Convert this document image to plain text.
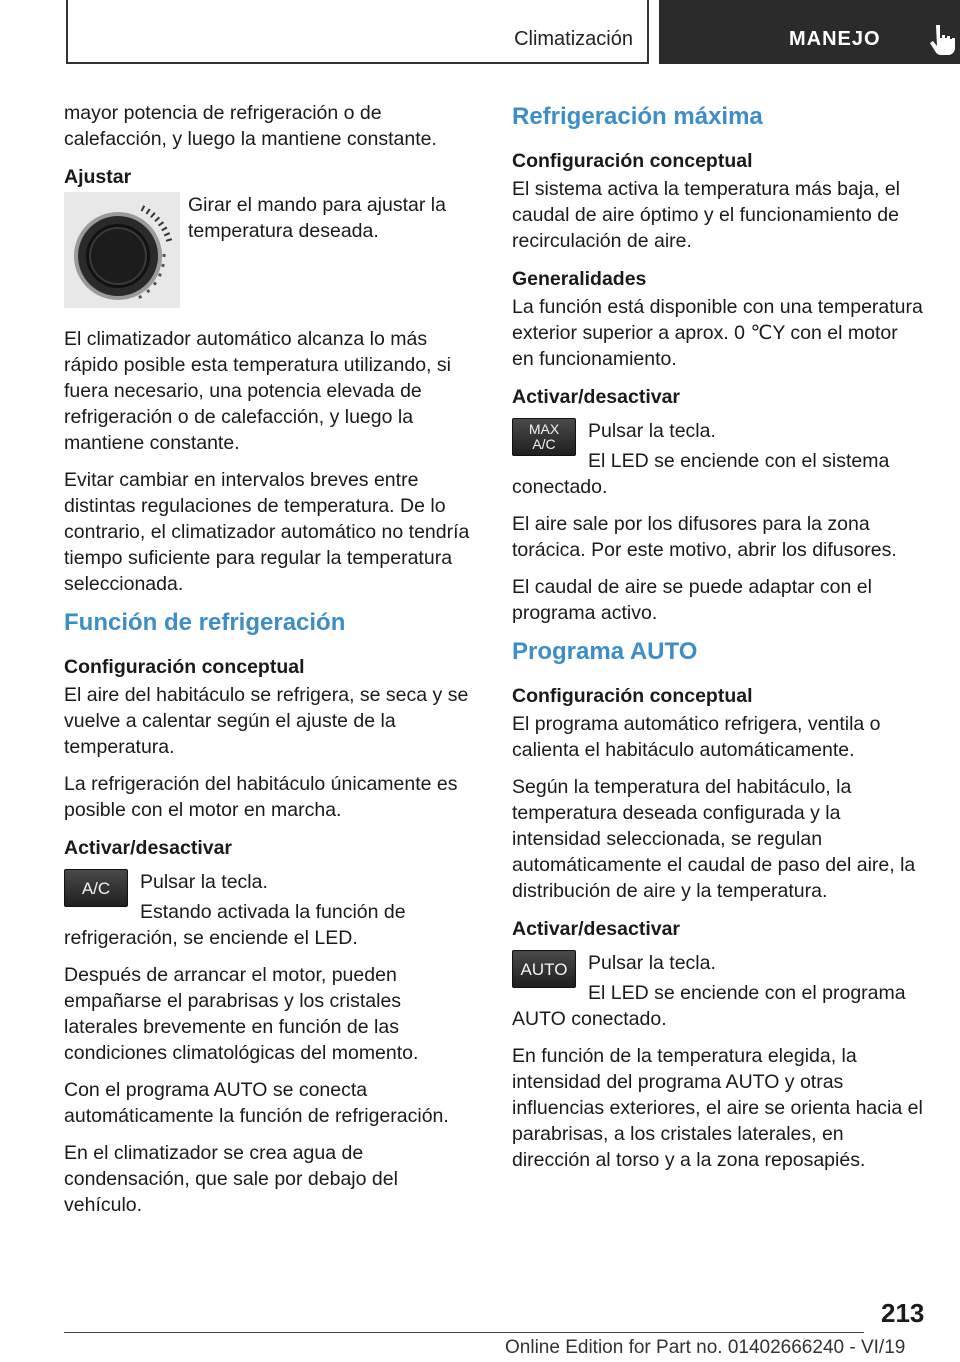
Climatización	MANEJO

mayor potencia de refrigeración o de calefacción, y luego la mantiene constante.

Ajustar

Girar el mando para ajustar la temperatura deseada.

El climatizador automático alcanza lo más rápido posible esta temperatura utilizando, si fuera necesario, una potencia elevada de refrigeración o de calefacción, y luego la mantiene constante.

Evitar cambiar en intervalos breves entre distintas regulaciones de temperatura. De lo contrario, el climatizador automático no tendría tiempo suficiente para regular la temperatura seleccionada.

Función de refrigeración
Configuración conceptual

El aire del habitáculo se refrigera, se seca y se vuelve a calentar según el ajuste de la temperatura.

La refrigeración del habitáculo únicamente es posible con el motor en marcha.

Activar/desactivar
A/C	Pulsar la tecla.

Estando activada la función de refrigeración, se enciende el LED.

Después de arrancar el motor, pueden empañarse el parabrisas y los cristales laterales brevemente en función de las condiciones climatológicas del momento.

Con el programa AUTO se conecta automáticamente la función de refrigeración.

En el climatizador se crea agua de condensación, que sale por debajo del vehículo.

Refrigeración máxima
Configuración conceptual

El sistema activa la temperatura más baja, el caudal de aire óptimo y el funcionamiento de recirculación de aire.

Generalidades

La función está disponible con una temperatura exterior superior a aprox. 0 ℃Y con el motor en funcionamiento.

Activar/desactivar
MAX
A/C

Pulsar la tecla.

El LED se enciende con el sistema conectado.

El aire sale por los difusores para la zona torácica. Por este motivo, abrir los difusores.

El caudal de aire se puede adaptar con el programa activo.

Programa AUTO
Configuración conceptual

El programa automático refrigera, ventila o calienta el habitáculo automáticamente.

Según la temperatura del habitáculo, la temperatura deseada configurada y la intensidad seleccionada, se regulan automáticamente el caudal de paso del aire, la distribución de aire y la temperatura.

Activar/desactivar
AUTO	Pulsar la tecla.

El LED se enciende con el programa AUTO conectado.

En función de la temperatura elegida, la intensidad del programa AUTO y otras influencias exteriores, el aire se orienta hacia el parabrisas, a los cristales laterales, en dirección al torso y a la zona reposapiés.

213
Online Edition for Part no. 01402666240 - VI/19
